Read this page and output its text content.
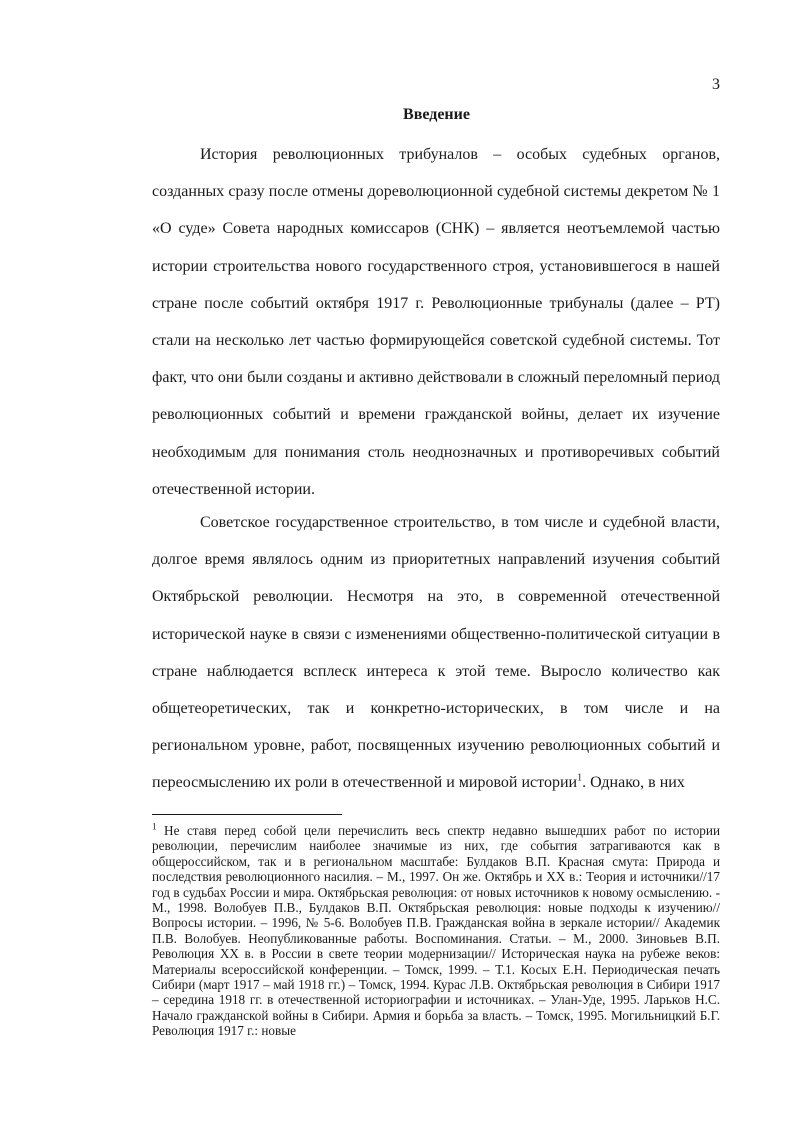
3
Введение

История революционных трибуналов – особых судебных органов, созданных сразу после отмены дореволюционной судебной системы декретом № 1 «О суде» Совета народных комиссаров (СНК) – является неотъемлемой частью истории строительства нового государственного строя, установившегося в нашей стране после событий октября 1917 г. Революционные трибуналы (далее – РТ) стали на несколько лет частью формирующейся советской судебной системы. Тот факт, что они были созданы и активно действовали в сложный переломный период революционных событий и времени гражданской войны, делает их изучение необходимым для понимания столь неоднозначных и противоречивых событий отечественной истории.

Советское государственное строительство, в том числе и судебной власти, долгое время являлось одним из приоритетных направлений изучения событий Октябрьской революции. Несмотря на это, в современной отечественной исторической науке в связи с изменениями общественно-политической ситуации в стране наблюдается всплеск интереса к этой теме. Выросло количество как общетеоретических, так и конкретно-исторических, в том числе и на региональном уровне, работ, посвященных изучению революционных событий и переосмыслению их роли в отечественной и мировой истории$^1$. Однако, в них

$^1$ Не ставя перед собой цели перечислить весь спектр недавно вышедших работ по истории революции, перечислим наиболее значимые из них, где события затрагиваются как в общероссийском, так и в региональном масштабе: Булдаков В.П. Красная смута: Природа и последствия революционного насилия. – М., 1997. Он же. Октябрь и XX в.: Теория и источники//17 год в судьбах России и мира. Октябрьская революция: от новых источников к новому осмыслению. - М., 1998. Волобуев П.В., Булдаков В.П. Октябрьская революция: новые подходы к изучению//Вопросы истории. – 1996, № 5-6. Волобуев П.В. Гражданская война в зеркале истории// Академик П.В. Волобуев. Неопубликованные работы. Воспоминания. Статьи. – М., 2000. Зиновьев В.П. Революция XX в. в России в свете теории модернизации// Историческая наука на рубеже веков: Материалы всероссийской конференции. – Томск, 1999. – Т.1. Косых Е.Н. Периодическая печать Сибири (март 1917 – май 1918 гг.) – Томск, 1994. Курас Л.В. Октябрьская революция в Сибири 1917 – середина 1918 гг. в отечественной историографии и источниках. – Улан-Уде, 1995. Ларьков Н.С. Начало гражданской войны в Сибири. Армия и борьба за власть. – Томск, 1995. Могильницкий Б.Г. Революция 1917 г.: новые
